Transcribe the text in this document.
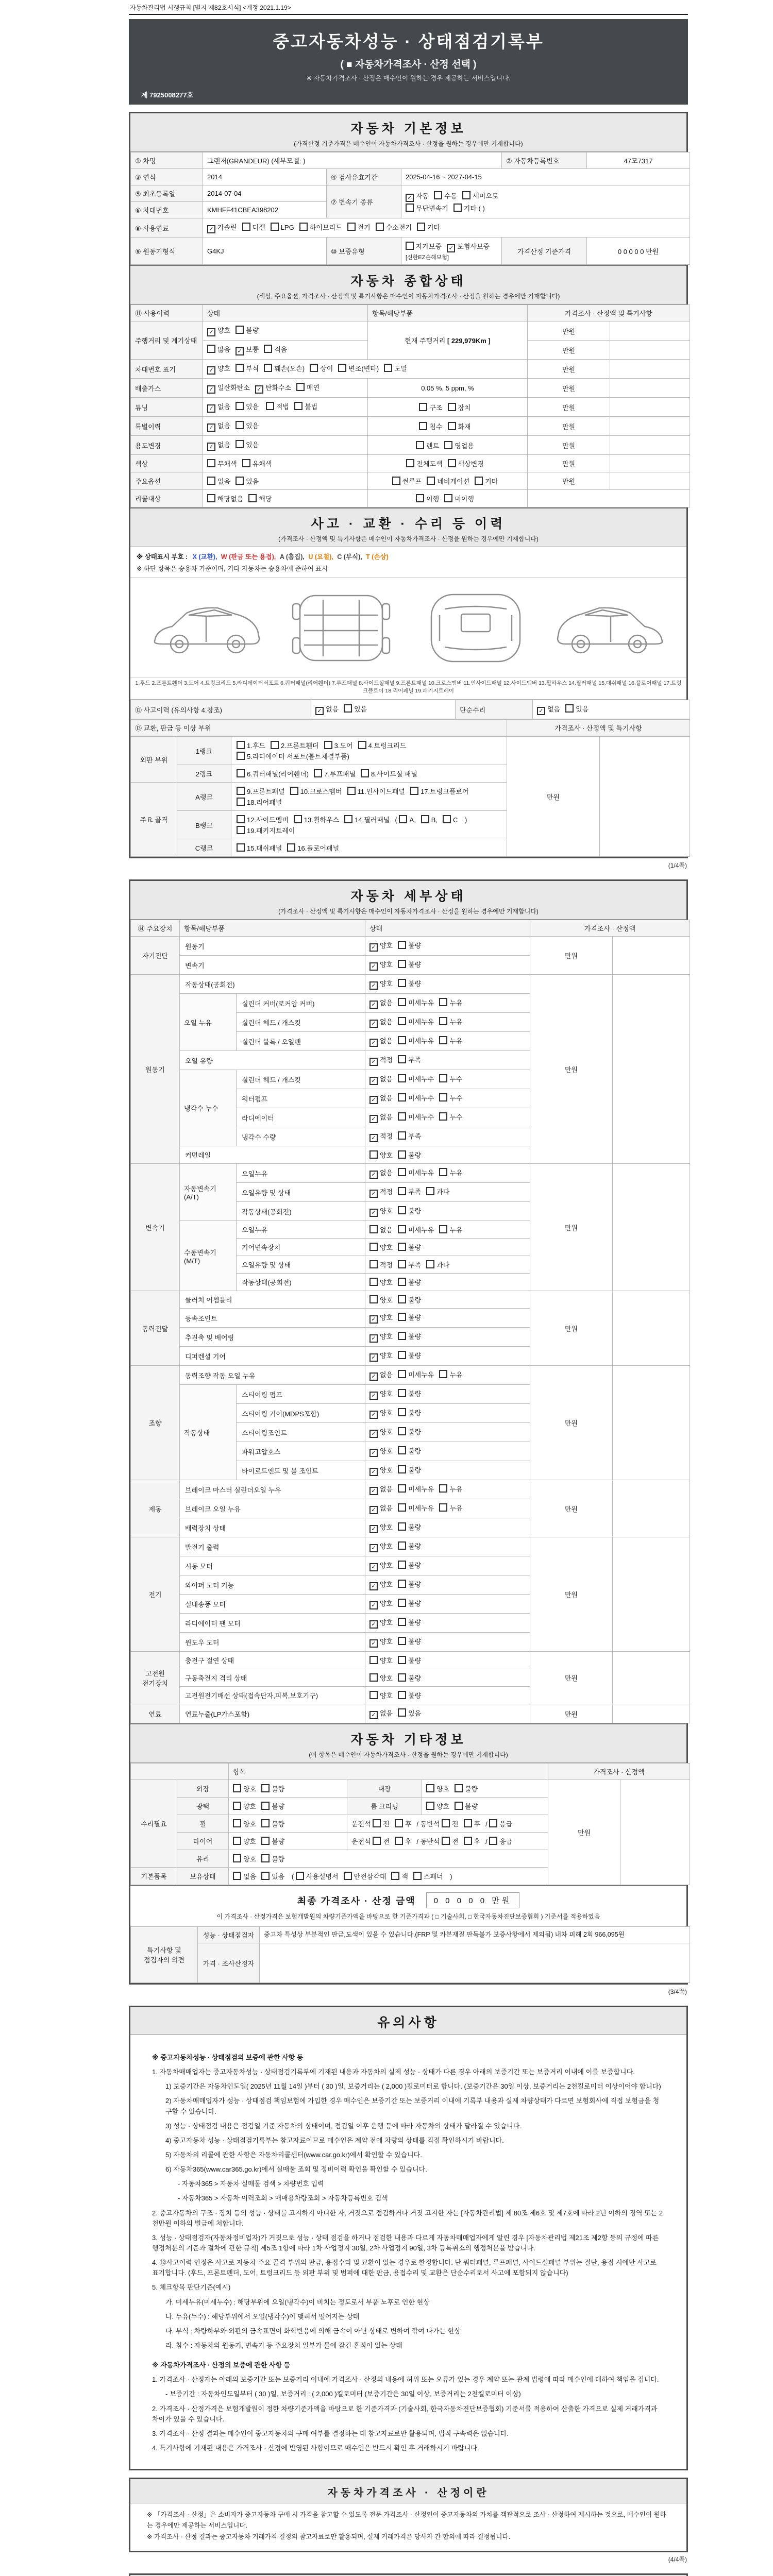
자동차관리법 시행규칙 [별지 제82호서식] <개정 2021.1.19>
중고자동차성능 · 상태점검기록부
( ■ 자동차가격조사 · 산정 선택 )
※ 자동차가격조사 · 산정은 매수인이 원하는 경우 제공하는 서비스입니다.
제 7925008277호
자동차 기본정보
(가격산정 기준가격은 매수인이 자동차가격조사 · 산정을 원하는 경우에만 기재합니다)
① 차명	그랜저(GRANDEUR) (세부모델: )			② 자동차등록번호	47모7317
③ 연식	2014	④ 검사유효기간	2025-04-16 ~ 2027-04-15		
⑤ 최초등록일	2014-07-04	⑦ 변속기 종류	✓ 자동 수동 세미오토
무단변속기 기타 ( )		
⑥ 차대번호	KMHFF41CBEA398202				
⑧ 사용연료	✓ 가솔린 디젤 LPG 하이브리드 전기 수소전기 기타				
⑨ 원동기형식	G4KJ	⑩ 보증유형	자가보증 ✓ 보험사보증[신한EZ손해보험]	가격산정 기준가격	0 0 0 0 0 만원
자동차 종합상태
(색상, 주요옵션, 가격조사 · 산정액 및 특기사항은 매수인이 자동차가격조사 · 산정을 원하는 경우에만 기재합니다)
⑪ 사용이력	상태	항목/해당부품	가격조사 · 산정액 및 특기사항	
주행거리 및 계기상태	✓ 양호 불량	현재 주행거리 [ 229,979Km ]	만원	
	많음 ✓ 보통 적음		만원	
차대번호 표기	✓ 양호 부식 훼손(오손) 상이 변조(변타) 도말		만원	
배출가스	✓ 일산화탄소 ✓ 탄화수소 매연	0.05 %, 5 ppm, %	만원	
튜닝	✓ 없음 있음 적법 불법	구조 장치	만원	
특별이력	✓ 없음 있음	침수 화재	만원	
용도변경	✓ 없음 있음	렌트 영업용	만원	
색상	무채색 유채색	전체도색 색상변경	만원	
주요옵션	없음 있음	썬루프 네비게이션 기타	만원	
리콜대상	해당없음 해당	이행 미이행		
사고 · 교환 · 수리 등 이력
(가격조사 · 산정액 및 특기사항은 매수인이 자동차가격조사 · 산정을 원하는 경우에만 기재합니다)
※ 상태표시 부호 : X (교환), W (판금 또는 용접), A (흠집), U (요철), C (부식), T (손상)
※ 하단 항목은 승용차 기준이며, 기타 자동차는 승용차에 준하여 표시

1.후드 2.프론트휀더 3.도어 4.트렁크리드 5.라디에이터서포트 6.쿼터패널(리어휀더) 7.루프패널 8.사이드실패널 9.프론트패널 10.크로스멤버 11.인사이드패널 12.사이드멤버 13.휠하우스 14.필러패널 15.대쉬패널 16.플로어패널 17.트렁크플로어 18.리어패널 19.패키지트레이
⑫ 사고이력 (유의사항 4.참조)	✓ 없음 있음	단순수리	✓ 없음 있음
⑬ 교환, 판금 등 이상 부위	가격조사 · 산정액 및 특기사항
외판 부위	1랭크	1.후드 2.프론트휀더 3.도어 4.트렁크리드5.라디에이터 서포트(볼트체결부품)	만원	
	2랭크	6.쿼터패널(리어휀더) 7.루프패널 8.사이드실 패널		
주요 골격	A랭크	9.프론트패널 10.크로스멤버 11.인사이드패널 17.트렁크플로어18.리어패널		
	B랭크	12.사이드멤버 13.휠하우스 14.필러패널 ( A, B, C )19.패키지트레이		
	C랭크	15.대쉬패널 16.플로어패널		
(1/4쪽)
자동차 세부상태
(가격조사 · 산정액 및 특기사항은 매수인이 자동차가격조사 · 산정을 원하는 경우에만 기재합니다)
⑭ 주요장치	항목/해당부품		상태	가격조사 · 산정액	
자기진단	원동기		✓ 양호 불량	만원	
	변속기		✓ 양호 불량		
원동기	작동상태(공회전)		✓ 양호 불량	만원	
	오일 누유	실린더 커버(로커암 커버)	✓ 없음 미세누유 누유		
		실린더 헤드 / 개스킷	✓ 없음 미세누유 누유		
		실린더 블록 / 오일팬	✓ 없음 미세누유 누유		
	오일 유량		✓ 적정 부족		
	냉각수 누수	실린더 헤드 / 개스킷	✓ 없음 미세누수 누수		
		워터펌프	✓ 없음 미세누수 누수		
		라디에이터	✓ 없음 미세누수 누수		
		냉각수 수량	✓ 적정 부족		
	커먼레일		양호 불량		
변속기	자동변속기 (A/T)	오일누유	✓ 없음 미세누유 누유	만원	
		오일유량 및 상태	✓ 적정 부족 과다		
		작동상태(공회전)	✓ 양호 불량		
	수동변속기 (M/T)	오일누유	없음 미세누유 누유		
		기어변속장치	양호 불량		
		오일유량 및 상태	적정 부족 과다		
		작동상태(공회전)	양호 불량		
동력전달	클러치 어셈블리		양호 불량	만원	
	등속조인트		✓ 양호 불량		
	추진축 및 베어링		✓ 양호 불량		
	디퍼렌셜 기어		✓ 양호 불량		
조향	동력조향 작동 오일 누유		✓ 없음 미세누유 누유	만원	
	작동상태	스티어링 펌프	✓ 양호 불량		
		스티어링 기어(MDPS포함)	✓ 양호 불량		
		스티어링조인트	✓ 양호 불량		
		파워고압호스	✓ 양호 불량		
		타이로드엔드 및 볼 조인트	✓ 양호 불량		
제동	브레이크 마스터 실린더오일 누유		✓ 없음 미세누유 누유	만원	
	브레이크 오일 누유		✓ 없음 미세누유 누유		
	배력장치 상태		✓ 양호 불량		
전기	발전기 출력		✓ 양호 불량	만원	
	시동 모터		✓ 양호 불량		
	와이퍼 모터 기능		✓ 양호 불량		
	실내송풍 모터		✓ 양호 불량		
	라디에이터 팬 모터		✓ 양호 불량		
	윈도우 모터		✓ 양호 불량		
고전원 전기장치	충전구 절연 상태		양호 불량	만원	
	구동축전지 격리 상태		양호 불량		
	고전원전기배선 상태(접속단자,피복,보호기구)		양호 불량		
연료	연료누출(LP가스포함)		✓ 없음 있음	만원	
자동차 기타정보
(이 항목은 매수인이 자동차가격조사 · 산정을 원하는 경우에만 기재합니다)
		항목			가격조사 · 산정액	
수리필요	외장	양호 불량	내장	양호 불량	만원	
	광택	양호 불량	룸 크리닝	양호 불량		
	휠	양호 불량	운전석 전 후 / 동반석 전 후 / 응급			
	타이어	양호 불량	운전석 전 후 / 동반석 전 후 / 응급			
	유리	양호 불량				
기본품목	보유상태	없음 있음 ( 사용설명서 안전삼각대 잭 스패너 )				
최종 가격조사 · 산정 금액	0 0 0 0 0 만원
이 가격조사 · 산정가격은 보험개발원의 차량기준가액을 바탕으로 한 기준가격과 ( □ 기술사회, □ 한국자동차진단보증협회 ) 기준서를 적용하였음
특기사항 및 점검자의 의견	성능 · 상태점검자	중고차 특성상 부분적인 판금,도색이 있을 수 있습니다.(FRP 및 카본재질 판독불가 보증사항에서 제외됨) 내차 피해 2회 966,095원
	가격 · 조사산정자	
(3/4쪽)
유의사항

※ 중고자동차성능 · 상태점검의 보증에 관한 사항 등

1. 자동차매매업자는 중고자동차성능 · 상태점검기록부에 기재된 내용과 자동차의 실제 성능 · 상태가 다른 경우 아래의 보증기간 또는 보증거리 이내에 이를 보증합니다.

1) 보증기간은 자동차인도일( 2025년 11월 14일 )부터 ( 30 )일, 보증거리는 ( 2,000 )킬로미터로 합니다. (보증기간은 30일 이상, 보증거리는 2천킬로미터 이상이어야 합니다)

2) 자동차매매업자가 성능 · 상태점검 책임보험에 가입한 경우 매수인은 보증기간 또는 보증거리 이내에 기록부 내용과 실제 차량상태가 다르면 보험회사에 직접 보험금을 청구할 수 있습니다.

3) 성능 · 상태점검 내용은 점검일 기준 자동차의 상태이며, 점검일 이후 운행 등에 따라 자동차의 상태가 달라질 수 있습니다.

4) 중고자동차 성능 · 상태점검기록부는 참고자료이므로 매수인은 계약 전에 차량의 상태를 직접 확인하시기 바랍니다.

5) 자동차의 리콜에 관한 사항은 자동차리콜센터(www.car.go.kr)에서 확인할 수 있습니다.

6) 자동차365(www.car365.go.kr)에서 실매물 조회 및 정비이력 확인을 확인할 수 있습니다.

- 자동차365 > 자동차 실매물 검색 > 차량번호 입력

- 자동차365 > 자동차 이력조회 > 매매용차량조회 > 자동차등록번호 검색

2. 중고자동차의 구조 · 장치 등의 성능 · 상태를 고지하지 아니한 자, 거짓으로 점검하거나 거짓 고지한 자는 [자동차관리법] 제 80조 제6호 및 제7호에 따라 2년 이하의 징역 또는 2천만원 이하의 벌금에 처합니다.

3. 성능 · 상태점검자(자동차정비업자)가 거짓으로 성능 · 상태 점검을 하거나 점검한 내용과 다르게 자동차매매업자에게 알린 경우 [자동차관리법 제21조 제2항 등의 규정에 따른 행정처분의 기준과 절차에 관한 규칙] 제5조 1항에 따라 1차 사업정지 30일, 2차 사업정지 90일, 3차 등록취소의 행정처분을 받습니다.

4. ⑫사고이력 인정은 사고로 자동차 주요 골격 부위의 판금, 용접수리 및 교환이 있는 경우로 한정합니다. 단 쿼터패널, 루프패널, 사이드실패널 부위는 절단, 용접 시에만 사고로 표기합니다. (후드, 프론트펜더, 도어, 트렁크리드 등 외판 부위 및 범퍼에 대한 판금, 용접수리 및 교환은 단순수리로서 사고에 포함되지 않습니다)

5. 체크항목 판단기준(예시)

가. 미세누유(미세누수) : 해당부위에 오일(냉각수)이 비치는 정도로서 부품 노후로 인한 현상

나. 누유(누수) : 해당부위에서 오일(냉각수)이 맺혀서 떨어지는 상태

다. 부식 : 차량하부와 외판의 금속표면이 화학반응에 의해 금속이 아닌 상태로 변하여 깎여 나가는 현상

라. 침수 : 자동차의 원동기, 변속기 등 주요장치 일부가 물에 잠긴 흔적이 있는 상태

※ 자동차가격조사 · 산정의 보증에 관한 사항 등

1. 가격조사 · 산정자는 아래의 보증기간 또는 보증거리 이내에 가격조사 · 산정의 내용에 허위 또는 오류가 있는 경우 계약 또는 관계 법령에 따라 매수인에 대하여 책임을 집니다.

- 보증기간 : 자동차인도일부터 ( 30 )일, 보증거리 : ( 2,000 )킬로미터 (보증기간은 30일 이상, 보증거리는 2천킬로미터 이상)

2. 가격조사 · 산정가격은 보험개발원이 정한 차량기준가액을 바탕으로 한 기준가격과 (기술사회, 한국자동차진단보증협회) 기준서를 적용하여 산출한 가격으로 실제 거래가격과 차이가 있을 수 있습니다.

3. 가격조사 · 산정 결과는 매수인이 중고자동차의 구매 여부를 결정하는 데 참고자료로만 활용되며, 법적 구속력은 없습니다.

4. 특기사항에 기재된 내용은 가격조사 · 산정에 반영된 사항이므로 매수인은 반드시 확인 후 거래하시기 바랍니다.

자동차가격조사 · 산정이란
※ 「가격조사 · 산정」은 소비자가 중고자동차 구매 시 가격을 참고할 수 있도록 전문 가격조사 · 산정인이 중고자동차의 가치를 객관적으로 조사 · 산정하여 제시하는 것으로, 매수인이 원하는 경우에만 제공하는 서비스입니다.
※ 가격조사 · 산정 결과는 중고자동차 거래가격 결정의 참고자료로만 활용되며, 실제 거래가격은 당사자 간 합의에 따라 결정됩니다.
(4/4쪽)
